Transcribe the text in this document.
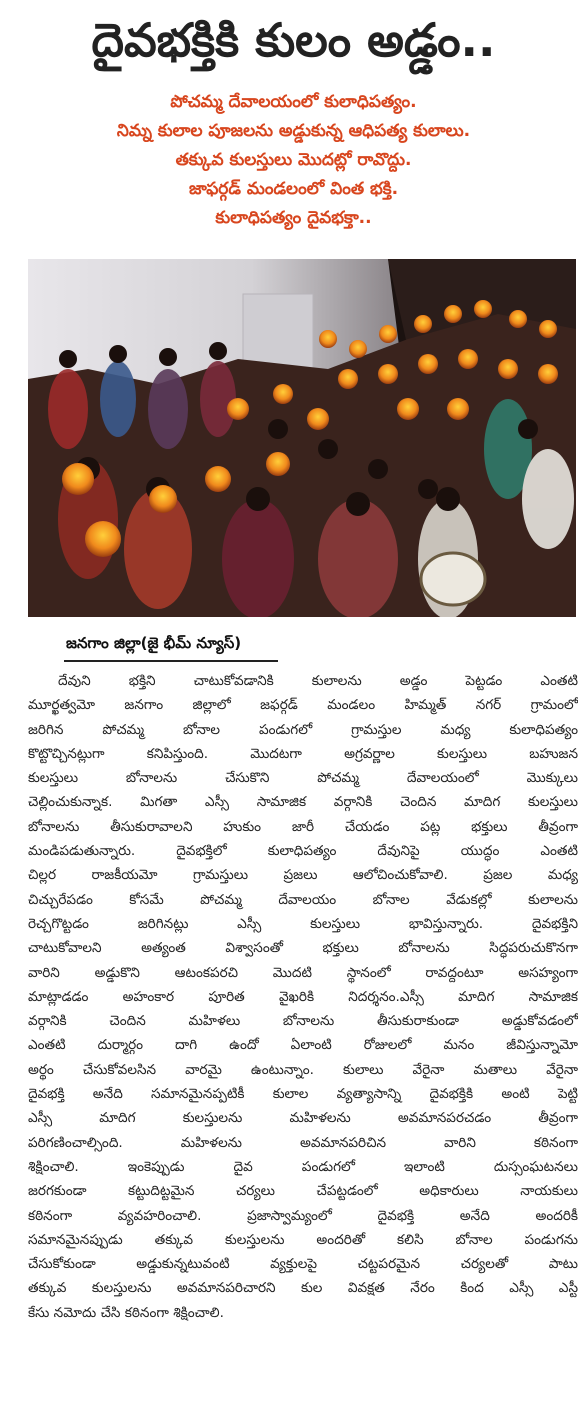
దైవభక్తికి కులం అడ్డం..
పోచమ్మ దేవాలయంలో కులాధిపత్యం.
నిమ్న కులాల పూజలను అడ్డుకున్న ఆధిపత్య కులాలు.
తక్కువ కులస్తులు మొదట్లో రావొద్దు.
జాఫర్గడ్ మండలంలో వింత భక్తి.
కులాధిపత్యం దైవభక్తా..
జనగాం జిల్లా(జై భీమ్ న్యూస్)
దేవుని భక్తిని చాటుకోవడానికి కులాలను అడ్డం పెట్టడం ఎంతటి
మూర్ఖత్వమో జనగాం జిల్లాలో జఫర్గడ్ మండలం హిమ్మత్ నగర్ గ్రామంలో
జరిగిన పోచమ్మ బోనాల పండుగలో గ్రామస్తుల మధ్య కులాధిపత్యం
కొట్టొచ్చినట్లుగా కనిపిస్తుంది. మొదటగా అగ్రవర్ణాల కులస్తులు బహుజన
కులస్తులు బోనాలను చేసుకొని పోచమ్మ దేవాలయంలో మొక్కులు
చెల్లించుకున్నాక. మిగతా ఎస్సీ సామాజిక వర్గానికి చెందిన మాదిగ కులస్తులు
బోనాలను తీసుకురావాలని హుకుం జారీ చేయడం పట్ల భక్తులు తీవ్రంగా
మండిపడుతున్నారు. దైవభక్తిలో కులాధిపత్యం దేవునిపై యుద్ధం ఎంతటి
చిల్లర రాజకీయమో గ్రామస్తులు ప్రజలు ఆలోచించుకోవాలి. ప్రజల మధ్య
చిచ్చురేపడం కోసమే పోచమ్మ దేవాలయం బోనాల వేడుకల్లో కులాలను
రెచ్చగొట్టడం జరిగినట్లు ఎస్సీ కులస్తులు భావిస్తున్నారు. దైవభక్తిని
చాటుకోవాలని అత్యంత విశ్వాసంతో భక్తులు బోనాలను సిద్ధపరుచుకొనగా
వారిని అడ్డుకొని ఆటంకపరచి మొదటి స్థానంలో రావద్దంటూ అసహ్యంగా
మాట్లాడడం అహంకార పూరిత వైఖరికి నిదర్శనం.ఎస్సీ మాదిగ సామాజిక
వర్గానికి చెందిన మహిళలు బోనాలను తీసుకురాకుండా అడ్డుకోవడంలో
ఎంతటి దుర్మార్గం దాగి ఉందో ఏలాంటి రోజులలో మనం జీవిస్తున్నామో
అర్థం చేసుకోవలసిన వారమై ఉంటున్నాం. కులాలు వేరైనా మతాలు వేరైనా
దైవభక్తి అనేది సమానమైనప్పటికీ కులాల వ్యత్యాసాన్ని దైవభక్తికి అంటి పెట్టి
ఎస్సీ మాదిగ కులస్తులను మహిళలను అవమానపరచడం తీవ్రంగా
పరిగణించాల్సింది. మహిళలను అవమానపరిచిన వారిని కఠినంగా
శిక్షించాలి. ఇంకెప్పుడు దైవ పండుగలో ఇలాంటి దుస్సంఘటనలు
జరగకుండా కట్టుదిట్టమైన చర్యలు చేపట్టడంలో అధికారులు నాయకులు
కఠినంగా వ్యవహరించాలి. ప్రజాస్వామ్యంలో దైవభక్తి అనేది అందరికీ
సమానమైనప్పుడు తక్కువ కులస్తులను అందరితో కలిసి బోనాల పండుగను
చేసుకోకుండా అడ్డుకున్నటువంటి వ్యక్తులపై చట్టపరమైన చర్యలతో పాటు
తక్కువ కులస్తులను అవమానపరిచారని కుల వివక్షత నేరం కింద ఎస్సీ ఎస్టీ
కేసు నమోదు చేసి కఠినంగా శిక్షించాలి.
